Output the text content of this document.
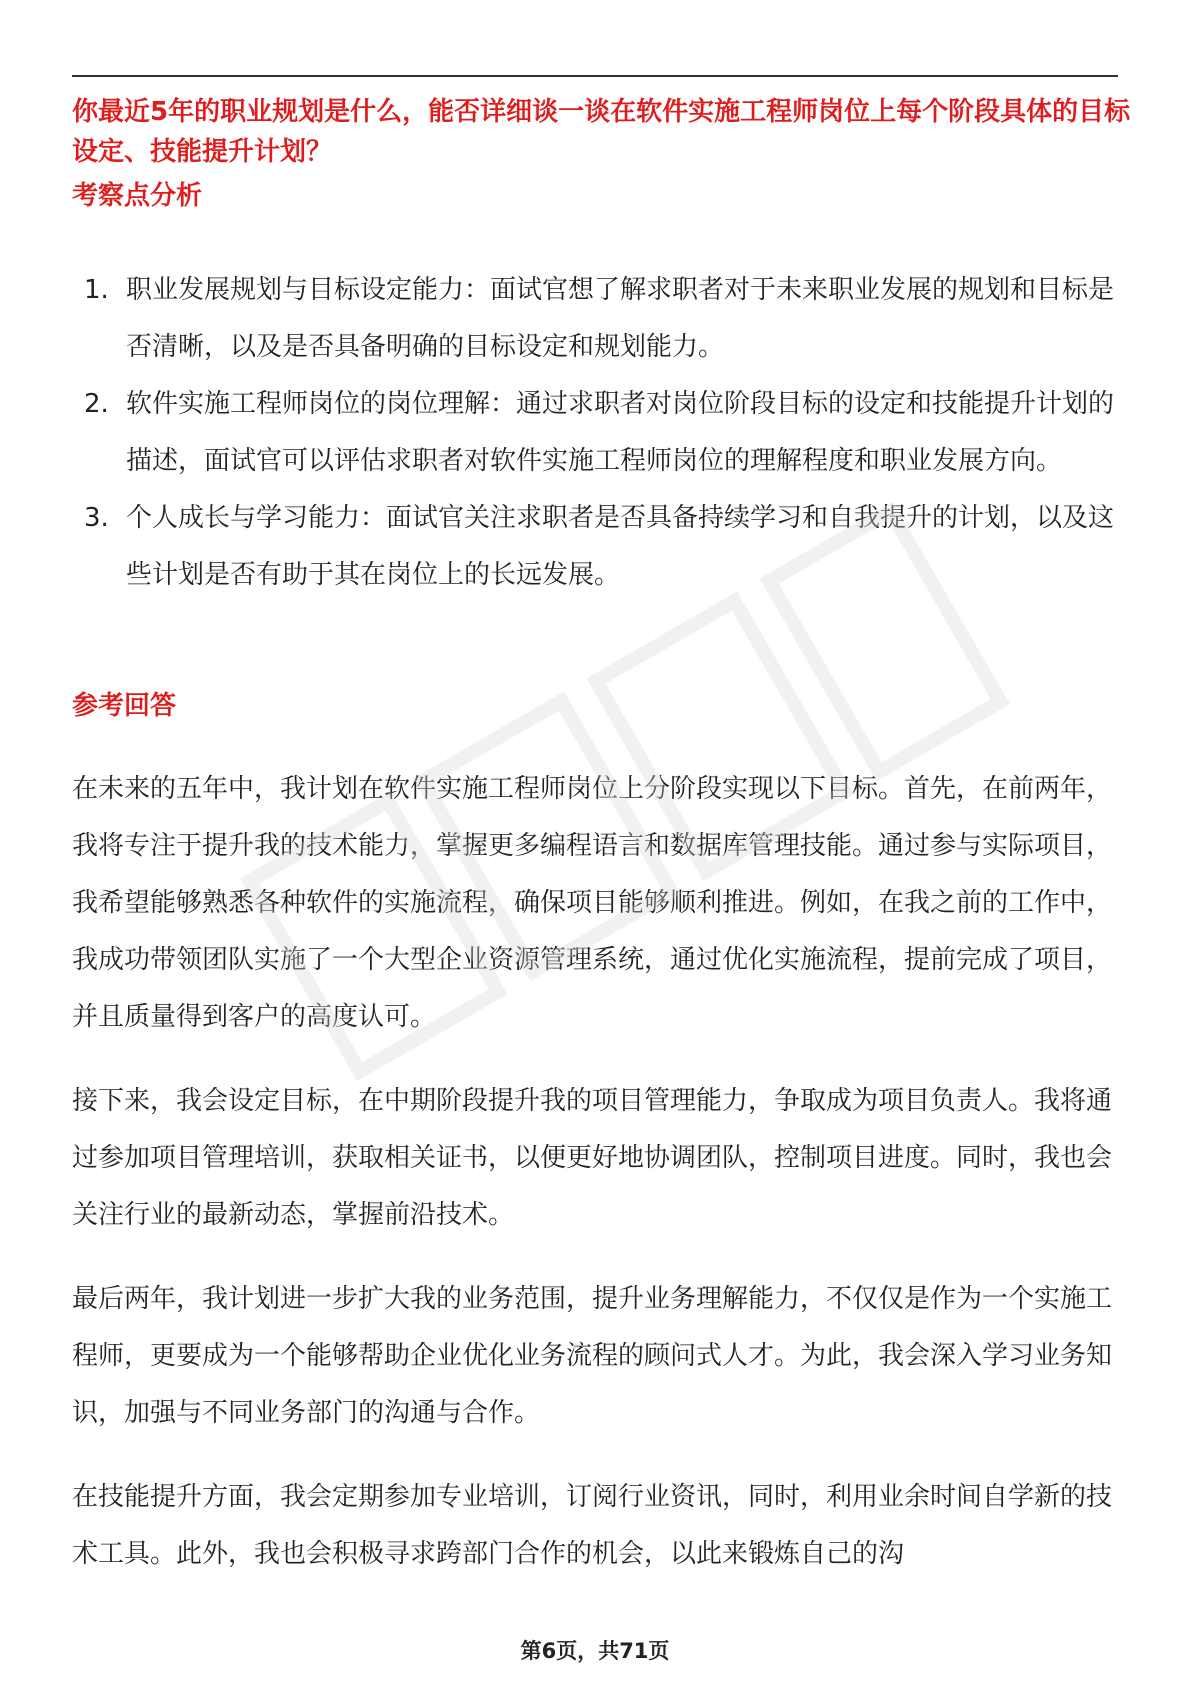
你最近5年的职业规划是什么，能否详细谈一谈在软件实施工程师岗位上每个阶段具体的目标设定、技能提升计划？
考察点分析
1. 职业发展规划与目标设定能力：面试官想了解求职者对于未来职业发展的规划和目标是否清晰，以及是否具备明确的目标设定和规划能力。
2. 软件实施工程师岗位的岗位理解：通过求职者对岗位阶段目标的设定和技能提升计划的描述，面试官可以评估求职者对软件实施工程师岗位的理解程度和职业发展方向。
3. 个人成长与学习能力：面试官关注求职者是否具备持续学习和自我提升的计划，以及这些计划是否有助于其在岗位上的长远发展。
参考回答

在未来的五年中，我计划在软件实施工程师岗位上分阶段实现以下目标。首先，在前两年，我将专注于提升我的技术能力，掌握更多编程语言和数据库管理技能。通过参与实际项目，我希望能够熟悉各种软件的实施流程，确保项目能够顺利推进。例如，在我之前的工作中，我成功带领团队实施了一个大型企业资源管理系统，通过优化实施流程，提前完成了项目，并且质量得到客户的高度认可。

接下来，我会设定目标，在中期阶段提升我的项目管理能力，争取成为项目负责人。我将通过参加项目管理培训，获取相关证书，以便更好地协调团队，控制项目进度。同时，我也会关注行业的最新动态，掌握前沿技术。

最后两年，我计划进一步扩大我的业务范围，提升业务理解能力，不仅仅是作为一个实施工程师，更要成为一个能够帮助企业优化业务流程的顾问式人才。为此，我会深入学习业务知识，加强与不同业务部门的沟通与合作。

在技能提升方面，我会定期参加专业培训，订阅行业资讯，同时，利用业余时间自学新的技术工具。此外，我也会积极寻求跨部门合作的机会，以此来锻炼自己的沟

第6页，共71页
